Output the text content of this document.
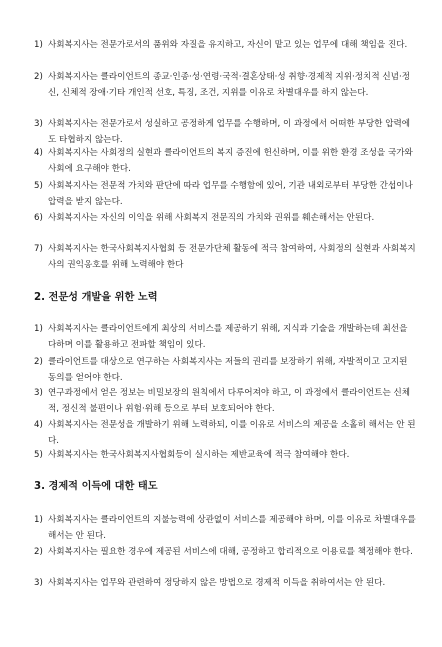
1) 사회복지사는 전문가로서의 품위와 자질을 유지하고, 자신이 맡고 있는 업무에 대해 책임을 진다.
2) 사회복지사는 클라이언트의 종교·인종·성·연령·국적·결혼상태·성 취향·경제적 지위·정치적 신념·정신, 신체적 장애·기타 개인적 선호, 특징, 조건, 지위를 이유로 차별대우를 하지 않는다.
3) 사회복지사는 전문가로서 성실하고 공정하게 업무를 수행하며, 이 과정에서 어떠한 부당한 압력에도 타협하지 않는다.
4) 사회복지사는 사회정의 실현과 클라이언트의 복지 증진에 헌신하며, 이를 위한 환경 조성을 국가와 사회에 요구해야 한다.
5) 사회복지사는 전문적 가치와 판단에 따라 업무를 수행함에 있어, 기관 내외로부터 부당한 간섭이나 압력을 받지 않는다.
6) 사회복지사는 자신의 이익을 위해 사회복지 전문직의 가치와 권위를 훼손해서는 안된다.
7) 사회복지사는 한국사회복지사협회 등 전문가단체 활동에 적극 참여하여, 사회정의 실현과 사회복지사의 권익옹호를 위해 노력해야 한다
2. 전문성 개발을 위한 노력
1) 사회복지사는 클라이언트에게 최상의 서비스를 제공하기 위해, 지식과 기술을 개발하는데 최선을 다하며 이를 활용하고 전파할 책임이 있다.
2) 클라이언트를 대상으로 연구하는 사회복지사는 저들의 권리를 보장하기 위해, 자발적이고 고지된 동의를 얻어야 한다.
3) 연구과정에서 얻은 정보는 비밀보장의 원칙에서 다루어져야 하고, 이 과정에서 클라이언트는 신체적, 정신적 불편이나 위험·위해 등으로 부터 보호되어야 한다.
4) 사회복지사는 전문성을 개발하기 위해 노력하되, 이를 이유로 서비스의 제공을 소홀히 해서는 안 된다.
5) 사회복지사는 한국사회복지사협회등이 실시하는 제반교육에 적극 참여해야 한다.
3. 경제적 이득에 대한 태도
1) 사회복지사는 클라이언트의 지불능력에 상관없이 서비스를 제공해야 하며, 이를 이유로 차별대우를 해서는 안 된다.
2) 사회복지사는 필요한 경우에 제공된 서비스에 대해, 공정하고 합리적으로 이용료를 책정해야 한다.
3) 사회복지사는 업무와 관련하여 정당하지 않은 방법으로 경제적 이득을 취하여서는 안 된다.
